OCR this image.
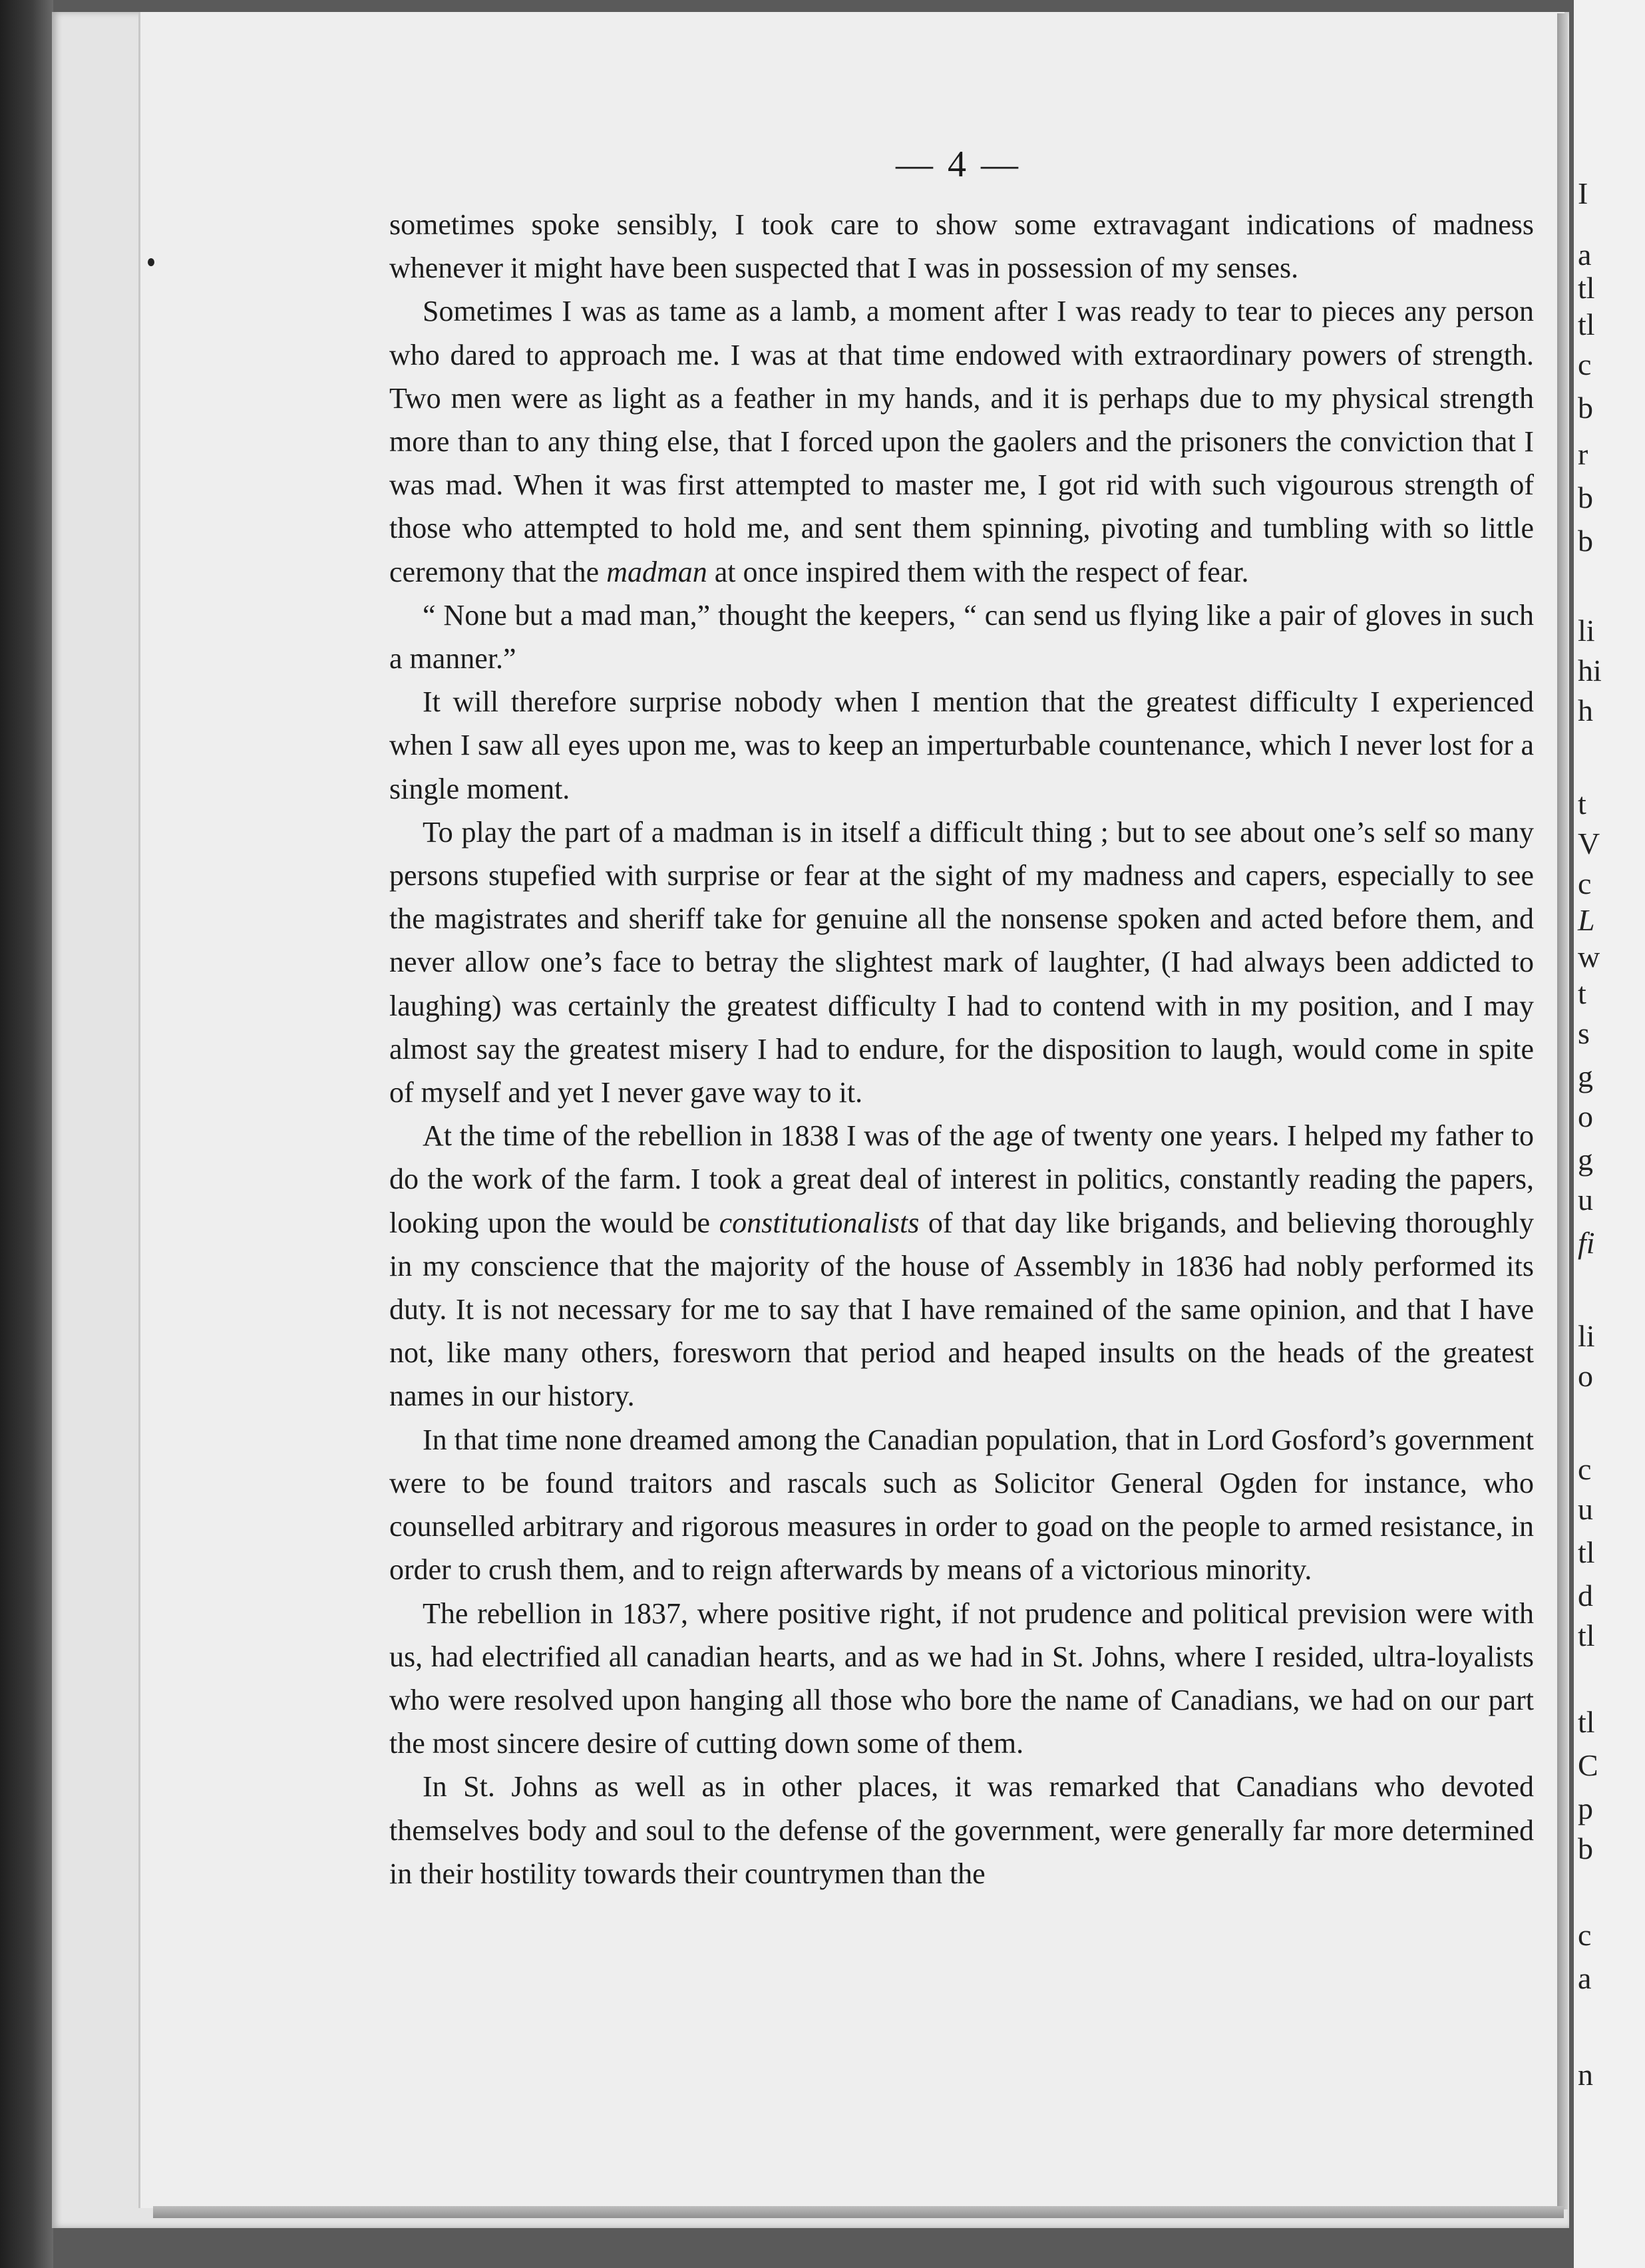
— 4 —

sometimes spoke sensibly, I took care to show some extravagant indications of madness whenever it might have been suspected that I was in possession of my senses.

Sometimes I was as tame as a lamb, a moment after I was ready to tear to pieces any person who dared to approach me. I was at that time endowed with extraordinary powers of strength. Two men were as light as a feather in my hands, and it is perhaps due to my physical strength more than to any thing else, that I forced upon the gaolers and the prisoners the conviction that I was mad. When it was first attempted to master me, I got rid with such vigourous strength of those who attempted to hold me, and sent them spinning, pivoting and tumbling with so little ceremony that the madman at once inspired them with the respect of fear.

“ None but a mad man,” thought the keepers, “ can send us flying like a pair of gloves in such a manner.”

It will therefore surprise nobody when I mention that the greatest difficulty I experienced when I saw all eyes upon me, was to keep an imperturbable countenance, which I never lost for a single moment.

To play the part of a madman is in itself a difficult thing ; but to see about one’s self so many persons stupefied with surprise or fear at the sight of my madness and capers, especially to see the magistrates and sheriff take for genuine all the nonsense spoken and acted before them, and never allow one’s face to betray the slightest mark of laughter, (I had always been addicted to laughing) was certainly the greatest difficulty I had to contend with in my position, and I may almost say the greatest misery I had to endure, for the disposition to laugh, would come in spite of myself and yet I never gave way to it.

At the time of the rebellion in 1838 I was of the age of twenty one years. I helped my father to do the work of the farm. I took a great deal of interest in politics, constantly reading the papers, looking upon the would be constitutionalists of that day like brigands, and believing thoroughly in my conscience that the majority of the house of Assembly in 1836 had nobly performed its duty. It is not necessary for me to say that I have remained of the same opinion, and that I have not, like many others, foresworn that period and heaped insults on the heads of the greatest names in our history.

In that time none dreamed among the Canadian population, that in Lord Gosford’s government were to be found traitors and rascals such as Solicitor General Ogden for instance, who counselled arbitrary and rigorous measures in order to goad on the people to armed resistance, in order to crush them, and to reign afterwards by means of a victorious minority.

The rebellion in 1837, where positive right, if not prudence and political prevision were with us, had electrified all canadian hearts, and as we had in St. Johns, where I resided, ultra-loyalists who were resolved upon hanging all those who bore the name of Canadians, we had on our part the most sincere desire of cutting down some of them.

In St. Johns as well as in other places, it was remarked that Canadians who devoted themselves body and soul to the defense of the government, were generally far more determined in their hostility towards their countrymen than the

I
a
tl
tl
c
b
r
b
b
li
hi
h
t
V
c
L
w
t
s
g
o
g
u
fi
li
o
c
u
tl
d
tl
tl
C
p
b
c
a
n
